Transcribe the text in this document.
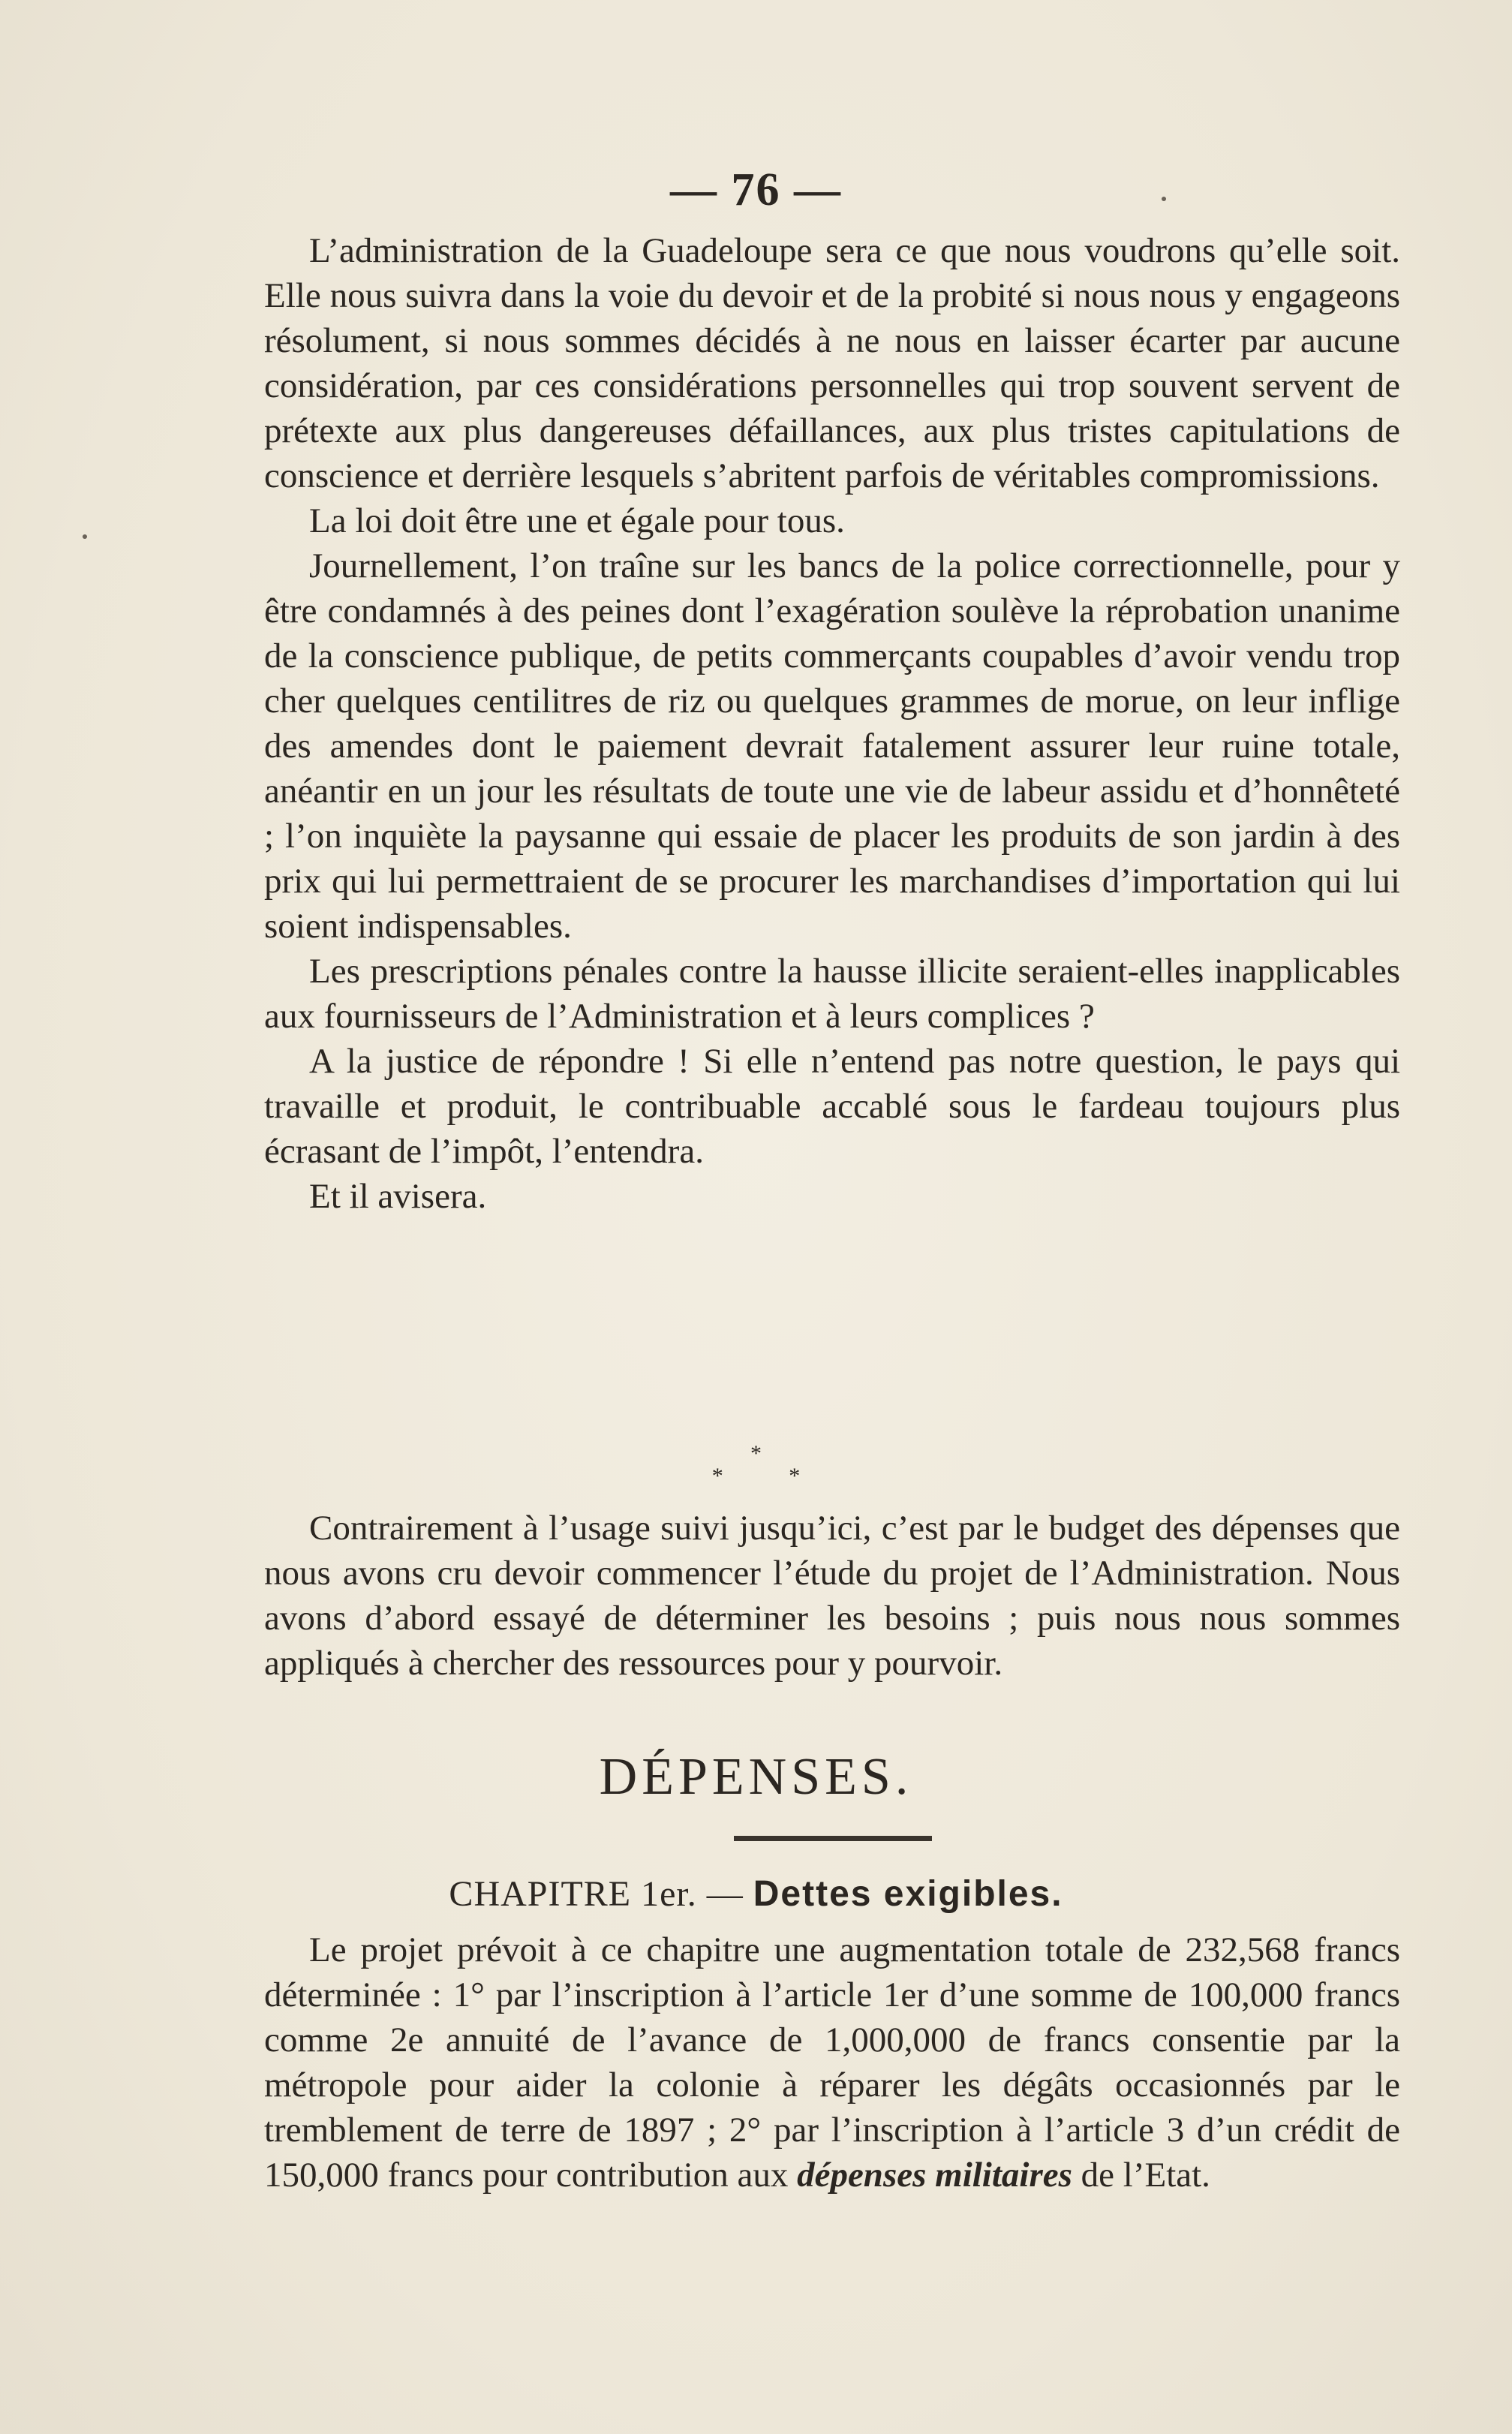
— 76 —

L’administration de la Guadeloupe sera ce que nous voudrons qu’elle soit. Elle nous suivra dans la voie du devoir et de la probité si nous nous y engageons résolument, si nous sommes décidés à ne nous en laisser écarter par aucune considération, par ces considérations personnelles qui trop souvent servent de prétexte aux plus dangereuses défaillances, aux plus tristes capitulations de conscience et derrière lesquels s’abritent parfois de véritables compromissions.

La loi doit être une et égale pour tous.

Journellement, l’on traîne sur les bancs de la police correctionnelle, pour y être condamnés à des peines dont l’exagération soulève la réprobation unanime de la conscience publique, de petits commerçants coupables d’avoir vendu trop cher quelques centilitres de riz ou quelques grammes de morue, on leur inflige des amendes dont le paiement devrait fatalement assurer leur ruine totale, anéantir en un jour les résultats de toute une vie de labeur assidu et d’honnêteté ; l’on inquiète la paysanne qui essaie de placer les produits de son jardin à des prix qui lui permettraient de se procurer les marchandises d’importation qui lui soient indispensables.

Les prescriptions pénales contre la hausse illicite seraient-elles inapplicables aux fournisseurs de l’Administration et à leurs complices ?

A la justice de répondre ! Si elle n’entend pas notre question, le pays qui travaille et produit, le contribuable accablé sous le fardeau toujours plus écrasant de l’impôt, l’entendra.

Et il avisera.

*
* *

Contrairement à l’usage suivi jusqu’ici, c’est par le budget des dépenses que nous avons cru devoir commencer l’étude du projet de l’Administration. Nous avons d’abord essayé de déterminer les besoins ; puis nous nous sommes appliqués à chercher des ressources pour y pourvoir.

DÉPENSES.
CHAPITRE 1er. — Dettes exigibles.

Le projet prévoit à ce chapitre une augmentation totale de 232,568 francs déterminée : 1° par l’inscription à l’article 1er d’une somme de 100,000 francs comme 2e annuité de l’avance de 1,000,000 de francs consentie par la métropole pour aider la colonie à réparer les dégâts occasionnés par le tremblement de terre de 1897 ; 2° par l’inscription à l’article 3 d’un crédit de 150,000 francs pour contribution aux dépenses militaires de l’Etat.
